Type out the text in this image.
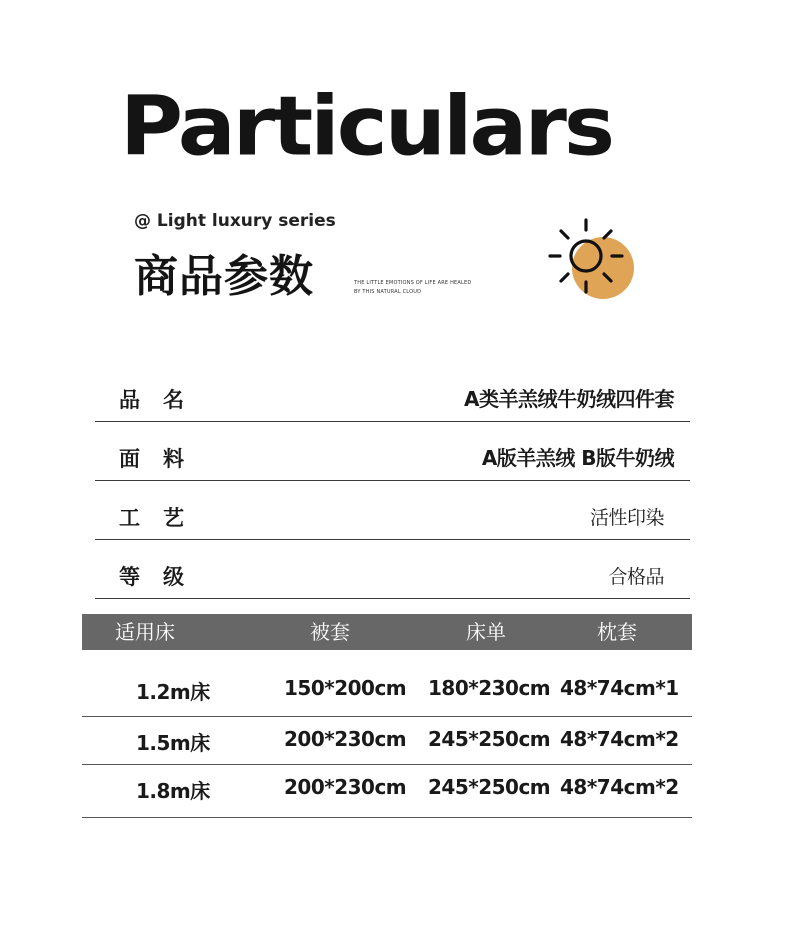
Particulars
@ Light luxury series
商品参数	THE LITTLE EMOTIONS OF LIFE ARE HEALED
BY THIS NATURAL CLOUD
品名	A类羊羔绒牛奶绒四件套
面料	A版羊羔绒 B版牛奶绒
工艺	活性印染
等级	合格品
适用床	被套	床单	枕套
1.2m床	150*200cm 180*230cm 48*74cm*1
1.5m床	200*230cm 245*250cm 48*74cm*2
1.8m床	200*230cm 245*250cm 48*74cm*2
